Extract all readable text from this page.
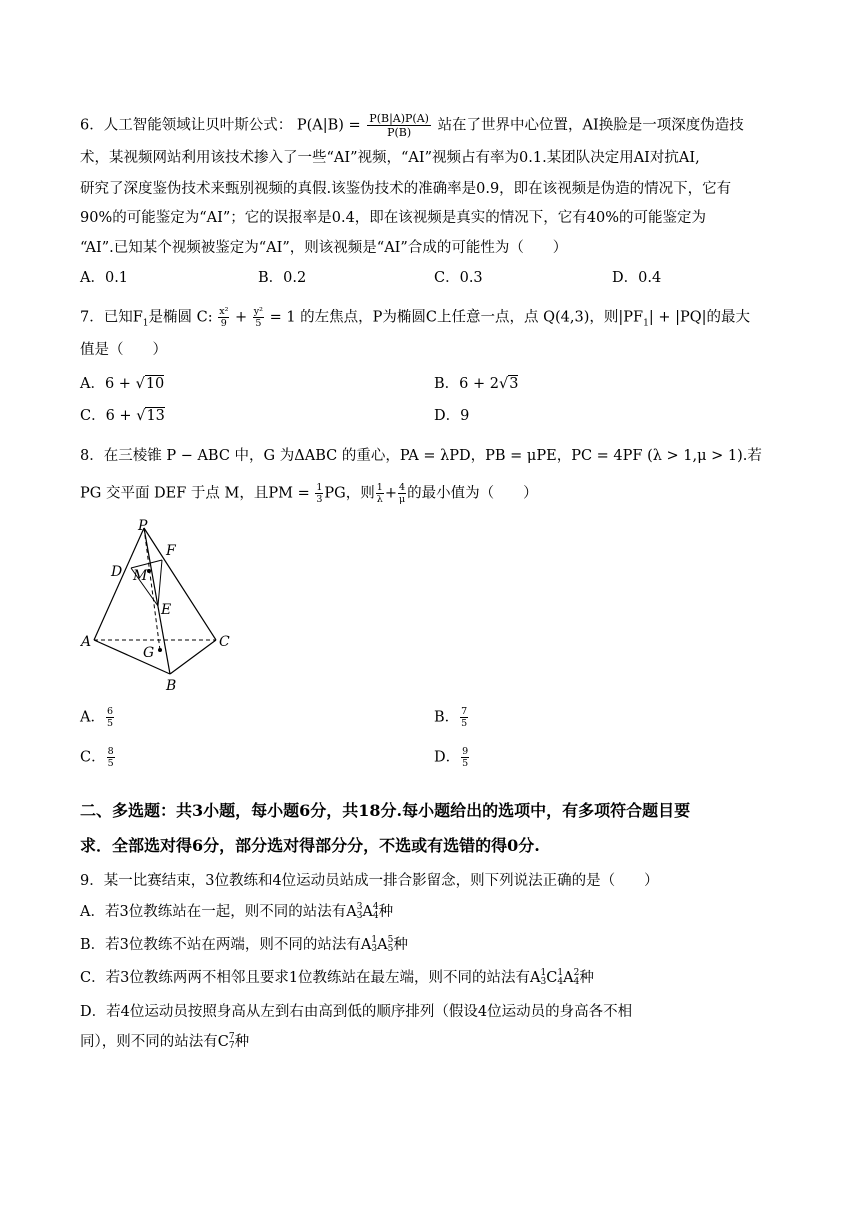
6．人工智能领域让贝叶斯公式： $P(A|B) = \frac{P(B|A)P(A)}{P(B)}$ 站在了世界中心位置，AI换脸是一项深度伪造技
术，某视频网站利用该技术掺入了一些“AI”视频，“AI”视频占有率为0.1.某团队决定用AI对抗AI,
研究了深度鉴伪技术来甄别视频的真假.该鉴伪技术的准确率是0.9，即在该视频是伪造的情况下，它有
90%的可能鉴定为“AI”；它的误报率是0.4，即在该视频是真实的情况下，它有40%的可能鉴定为
“AI”.已知某个视频被鉴定为“AI”，则该视频是“AI”合成的可能性为（　　）
A．0.1	B．0.2	C．0.3	D．0.4
7．已知$F_1$是椭圆 C: $\frac{\text{x²}}{9} + \frac{\text{y²}}{5} = 1$ 的左焦点，P为椭圆C上任意一点，点 Q(4,3)，则$|PF_1| + |PQ|$的最大
值是（　　）
A．6 + √10	B．6 + 2√3
C．6 + √13	D．9
8．在三棱锥 P − ABC 中，G 为ΔABC 的重心，PA = λPD，PB = μPE，PC = 4PF (λ > 1,μ > 1).若
PG 交平面 DEF 于点 M，且PM = $\frac{1}{3}$ PG，则 $\frac{1}{\lambda} + \frac{4}{\mu}$ 的最小值为（　　）
P
F
D M
E
A	C
G
B
A． $\frac{6}{5}$	B． $\frac{7}{5}$
C． $\frac{8}{5}$	D． $\frac{9}{5}$
二、多选题：共3小题，每小题6分，共18分.每小题给出的选项中，有多项符合题目要
求．全部选对得6分，部分选对得部分分，不选或有选错的得0分.
9．某一比赛结束，3位教练和4位运动员站成一排合影留念，则下列说法正确的是（　　）
A．若3位教练站在一起，则不同的站法有 A 3
3 A 4
4 种
B．若3位教练不站在两端，则不同的站法有 A 1
3 A 5
5 种
C．若3位教练两两不相邻且要求1位教练站在最左端，则不同的站法有 A 1
3 C 1
4 A 2
4 种
D．若4位运动员按照身高从左到右由高到低的顺序排列（假设4位运动员的身高各不相
同），则不同的站法有 C 7
7 种
